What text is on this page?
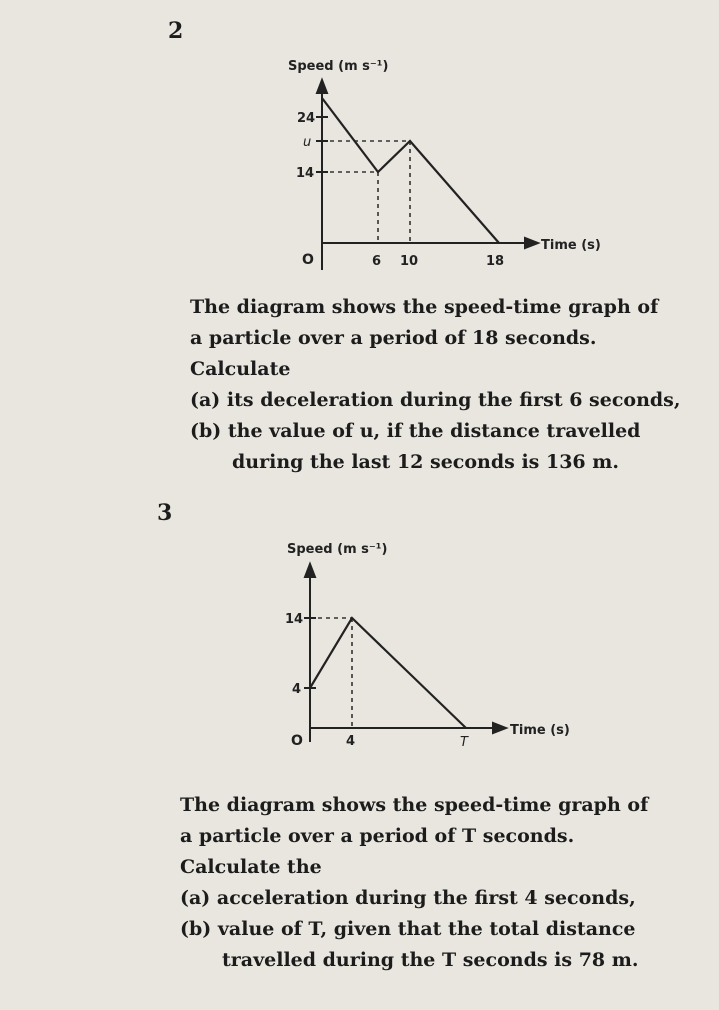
2
Speed (m s⁻¹)
24
u
14
O	6 10	18
Time (s)
The diagram shows the speed-time graph of
a particle over a period of 18 seconds.
Calculate
(a) its deceleration during the first 6 seconds,
(b) the value of u, if the distance travelled
during the last 12 seconds is 136 m.
3
Speed (m s⁻¹)
14
4
O	4	T
Time (s)
The diagram shows the speed-time graph of
a particle over a period of T seconds.
Calculate the
(a) acceleration during the first 4 seconds,
(b) value of T, given that the total distance
travelled during the T seconds is 78 m.
